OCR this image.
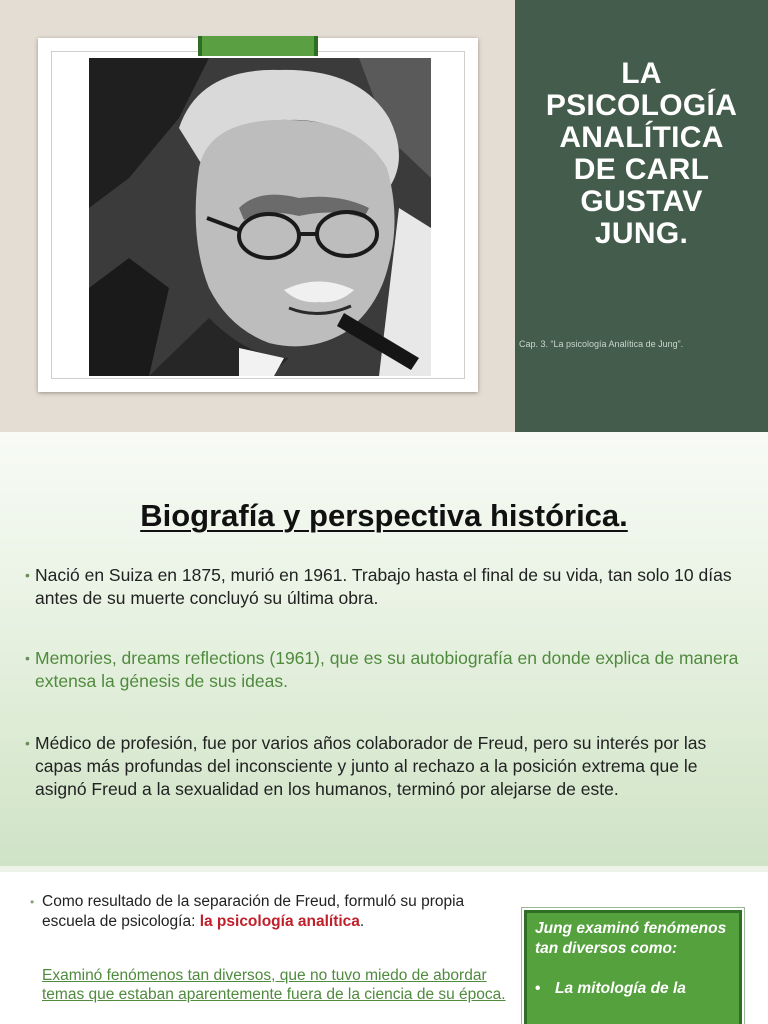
LA
PSICOLOGÍA
ANALÍTICA
DE CARL
GUSTAV
JUNG.
Cap. 3. “La psicología Analítica de Jung”.
Biografía y perspectiva histórica.
• Nació en Suiza en 1875, murió en 1961. Trabajo hasta el final de su vida, tan solo 10 días antes de su muerte concluyó su última obra.
• Memories, dreams reflections (1961), que es su autobiografía en donde explica de manera extensa la génesis de sus ideas.
• Médico de profesión, fue por varios años colaborador de Freud, pero su interés por las capas más profundas del inconsciente y junto al rechazo a la posición extrema que le asignó Freud a la sexualidad en los humanos, terminó por alejarse de este.
• Como resultado de la separación de Freud, formuló su propia escuela de psicología: la psicología analítica.
Examinó fenómenos tan diversos, que no tuvo miedo de abordar temas que estaban aparentemente fuera de la ciencia de su época.
Jung examinó fenómenos tan diversos como:
• La mitología de la
